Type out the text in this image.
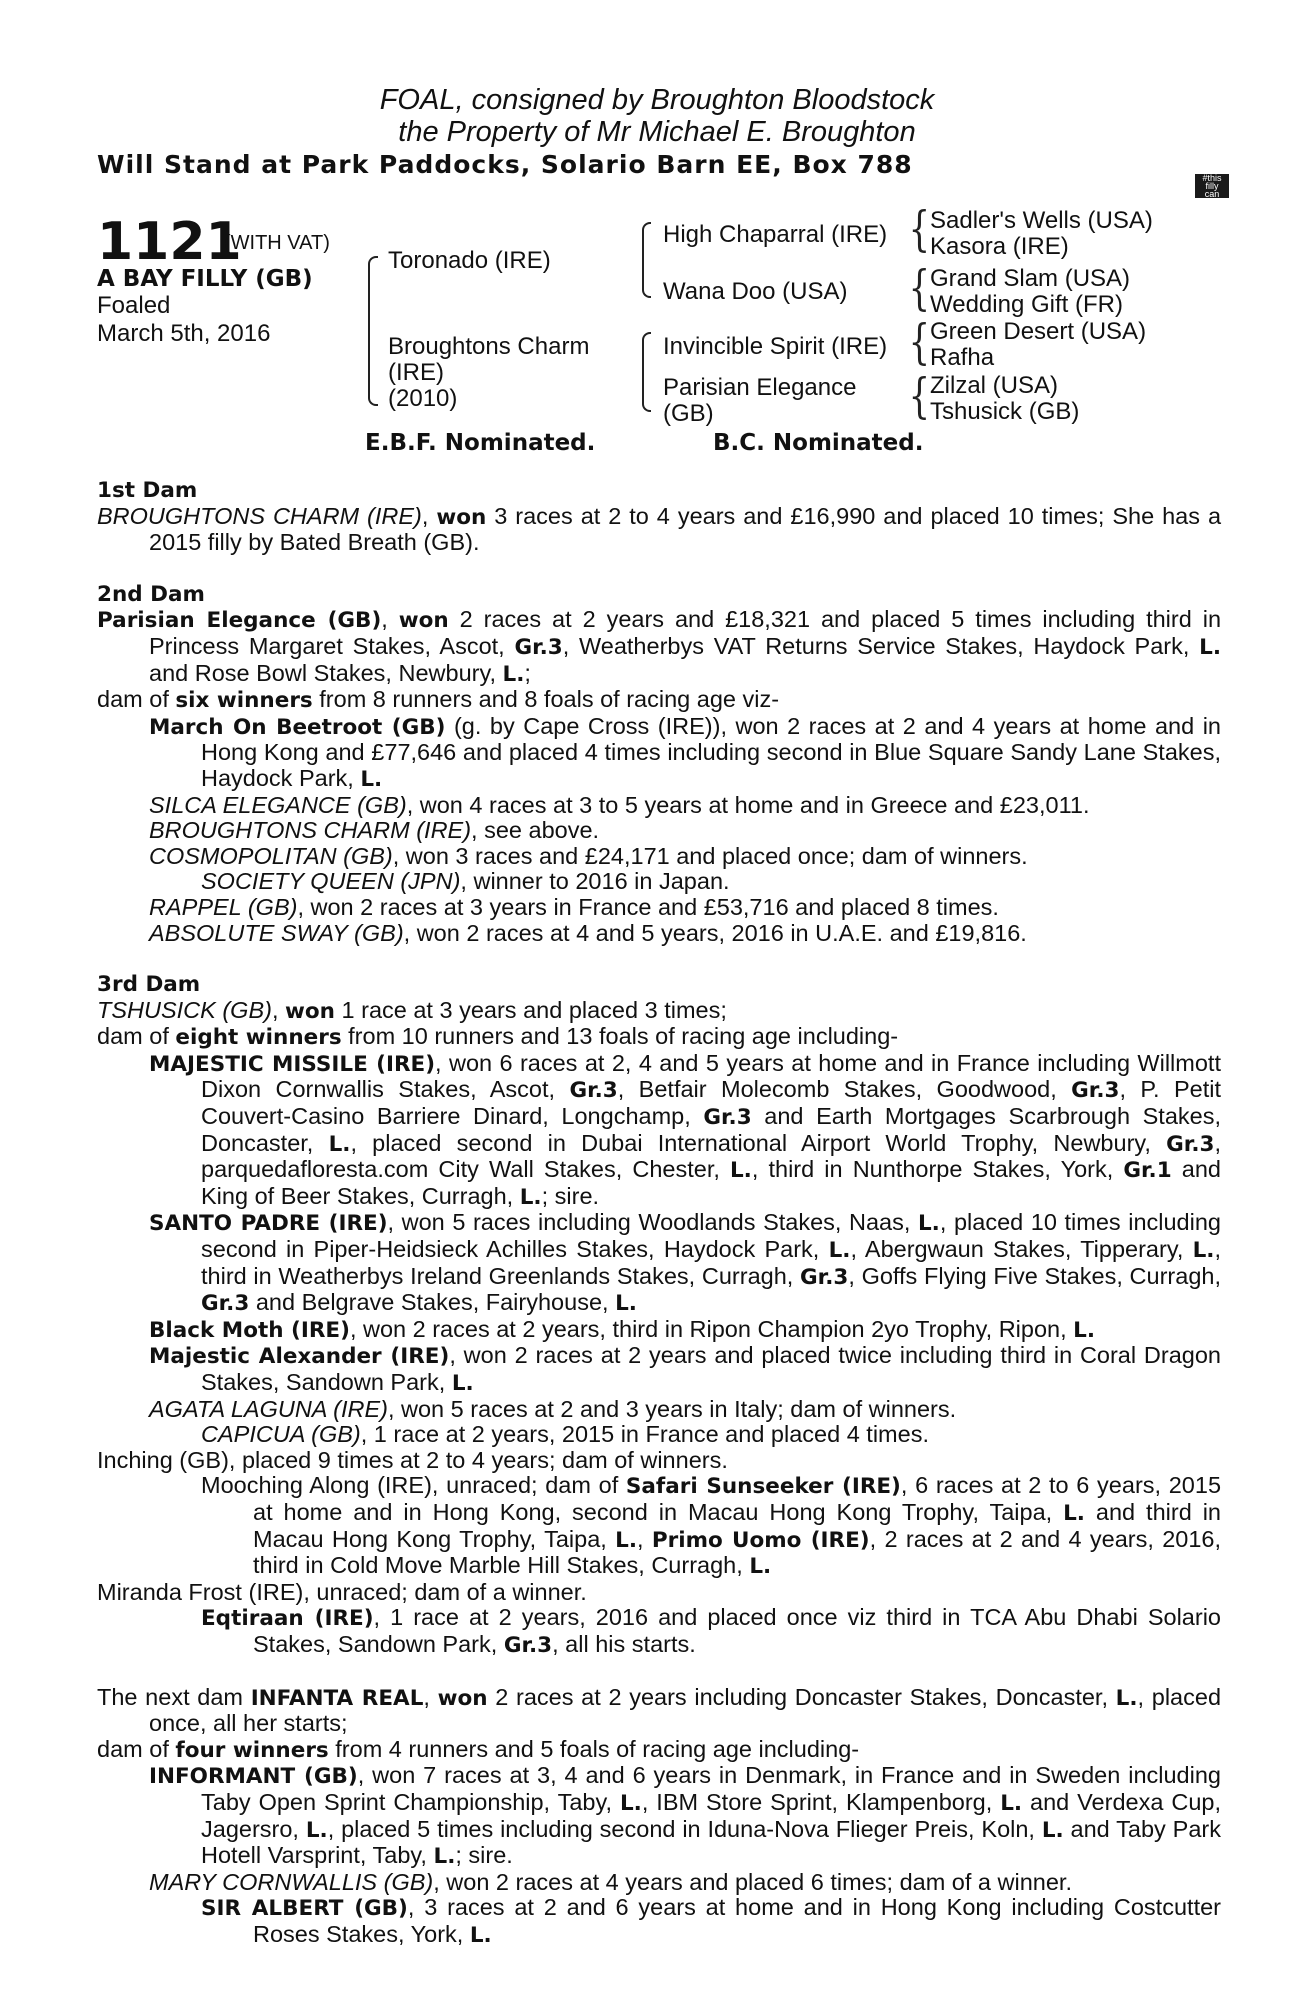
FOAL, consigned by Broughton Bloodstock
the Property of Mr Michael E. Broughton
Will Stand at Park Paddocks, Solario Barn EE, Box 788	#this
filly
can
1121
(WITH VAT)
A BAY FILLY (GB)
Foaled
March 5th, 2016
Toronado (IRE)
Broughtons Charm
(IRE)
(2010)
High Chaparral (IRE)
Wana Doo (USA)
Invincible Spirit (IRE)
Parisian Elegance
(GB)
{ Sadler's Wells (USA)
Kasora (IRE)
{ Grand Slam (USA)
Wedding Gift (FR)
{ Green Desert (USA)
Rafha
{ Zilzal (USA)
Tshusick (GB)
E.B.F. Nominated.	B.C. Nominated.

1st Dam

BROUGHTONS CHARM (IRE), won 3 races at 2 to 4 years and £16,990 and placed 10 times; She has a 2015 filly by Bated Breath (GB).

2nd Dam

Parisian Elegance (GB), won 2 races at 2 years and £18,321 and placed 5 times including third in Princess Margaret Stakes, Ascot, Gr.3, Weatherbys VAT Returns Service Stakes, Haydock Park, L. and Rose Bowl Stakes, Newbury, L.;

dam of six winners from 8 runners and 8 foals of racing age viz-

March On Beetroot (GB) (g. by Cape Cross (IRE)), won 2 races at 2 and 4 years at home and in Hong Kong and £77,646 and placed 4 times including second in Blue Square Sandy Lane Stakes, Haydock Park, L.

SILCA ELEGANCE (GB), won 4 races at 3 to 5 years at home and in Greece and £23,011.

BROUGHTONS CHARM (IRE), see above.

COSMOPOLITAN (GB), won 3 races and £24,171 and placed once; dam of winners.

SOCIETY QUEEN (JPN), winner to 2016 in Japan.

RAPPEL (GB), won 2 races at 3 years in France and £53,716 and placed 8 times.

ABSOLUTE SWAY (GB), won 2 races at 4 and 5 years, 2016 in U.A.E. and £19,816.

3rd Dam

TSHUSICK (GB), won 1 race at 3 years and placed 3 times;

dam of eight winners from 10 runners and 13 foals of racing age including-

MAJESTIC MISSILE (IRE), won 6 races at 2, 4 and 5 years at home and in France including Willmott Dixon Cornwallis Stakes, Ascot, Gr.3, Betfair Molecomb Stakes, Goodwood, Gr.3, P. Petit Couvert-Casino Barriere Dinard, Longchamp, Gr.3 and Earth Mortgages Scarbrough Stakes, Doncaster, L., placed second in Dubai International Airport World Trophy, Newbury, Gr.3, parquedafloresta.com City Wall Stakes, Chester, L., third in Nunthorpe Stakes, York, Gr.1 and King of Beer Stakes, Curragh, L.; sire.

SANTO PADRE (IRE), won 5 races including Woodlands Stakes, Naas, L., placed 10 times including second in Piper-Heidsieck Achilles Stakes, Haydock Park, L., Abergwaun Stakes, Tipperary, L., third in Weatherbys Ireland Greenlands Stakes, Curragh, Gr.3, Goffs Flying Five Stakes, Curragh, Gr.3 and Belgrave Stakes, Fairyhouse, L.

Black Moth (IRE), won 2 races at 2 years, third in Ripon Champion 2yo Trophy, Ripon, L.

Majestic Alexander (IRE), won 2 races at 2 years and placed twice including third in Coral Dragon Stakes, Sandown Park, L.

AGATA LAGUNA (IRE), won 5 races at 2 and 3 years in Italy; dam of winners.

CAPICUA (GB), 1 race at 2 years, 2015 in France and placed 4 times.

Inching (GB), placed 9 times at 2 to 4 years; dam of winners.

Mooching Along (IRE), unraced; dam of Safari Sunseeker (IRE), 6 races at 2 to 6 years, 2015 at home and in Hong Kong, second in Macau Hong Kong Trophy, Taipa, L. and third in Macau Hong Kong Trophy, Taipa, L., Primo Uomo (IRE), 2 races at 2 and 4 years, 2016, third in Cold Move Marble Hill Stakes, Curragh, L.

Miranda Frost (IRE), unraced; dam of a winner.

Eqtiraan (IRE), 1 race at 2 years, 2016 and placed once viz third in TCA Abu Dhabi Solario Stakes, Sandown Park, Gr.3, all his starts.

The next dam INFANTA REAL, won 2 races at 2 years including Doncaster Stakes, Doncaster, L., placed once, all her starts;

dam of four winners from 4 runners and 5 foals of racing age including-

INFORMANT (GB), won 7 races at 3, 4 and 6 years in Denmark, in France and in Sweden including Taby Open Sprint Championship, Taby, L., IBM Store Sprint, Klampenborg, L. and Verdexa Cup, Jagersro, L., placed 5 times including second in Iduna-Nova Flieger Preis, Koln, L. and Taby Park Hotell Varsprint, Taby, L.; sire.

MARY CORNWALLIS (GB), won 2 races at 4 years and placed 6 times; dam of a winner.

SIR ALBERT (GB), 3 races at 2 and 6 years at home and in Hong Kong including Costcutter Roses Stakes, York, L.
